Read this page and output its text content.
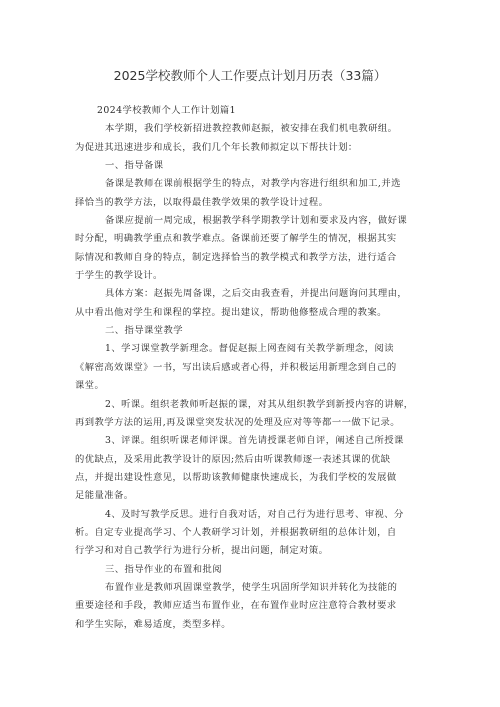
2025学校教师个人工作要点计划月历表（33篇）
2024学校教师个人工作计划篇1
本学期，我们学校新招进教控教师赵振，被安排在我们机电教研组。
为促进其迅速进步和成长，我们几个年长教师拟定以下帮扶计划：
一、指导备课
备课是教师在课前根据学生的特点，对教学内容进行组织和加工,并选
择恰当的教学方法，以取得最佳教学效果的教学设计过程。
备课应提前一周完成，根据教学科学期教学计划和要求及内容，做好课
时分配，明确教学重点和教学难点。备课前还要了解学生的情况，根据其实
际情况和教师自身的特点，制定选择恰当的教学模式和教学方法，进行适合
于学生的教学设计。
具体方案：赵振先周备课，之后交由我查看，并提出问题询问其理由，
从中看出他对学生和课程的掌控。提出建议，帮助他修整成合理的教案。
二、指导课堂教学
1、学习课堂教学新理念。督促赵振上网查阅有关教学新理念，阅读
《解密高效课堂》一书，写出读后感或者心得，并积极运用新理念到自己的
课堂。
2、听课。组织老教师听赵振的课，对其从组织教学到新授内容的讲解，
再到教学方法的运用,再及课堂突发状况的处理及应对等等都一一做下记录。
3、评课。组织听课老师评课。首先请授课老师自评，阐述自己所授课
的优缺点，及采用此教学设计的原因;然后由听课教师逐一表述其课的优缺
点，并提出建设性意见，以帮助该教师健康快速成长，为我们学校的发展做
足能量准备。
4、及时写教学反思。进行自我对话，对自己行为进行思考、审视、分
析。自定专业提高学习、个人教研学习计划，并根据教研组的总体计划，自
行学习和对自己教学行为进行分析，提出问题，制定对策。
三、指导作业的布置和批阅
布置作业是教师巩固课堂教学，使学生巩固所学知识并转化为技能的
重要途径和手段，教师应适当布置作业，在布置作业时应注意符合教材要求
和学生实际，难易适度，类型多样。
